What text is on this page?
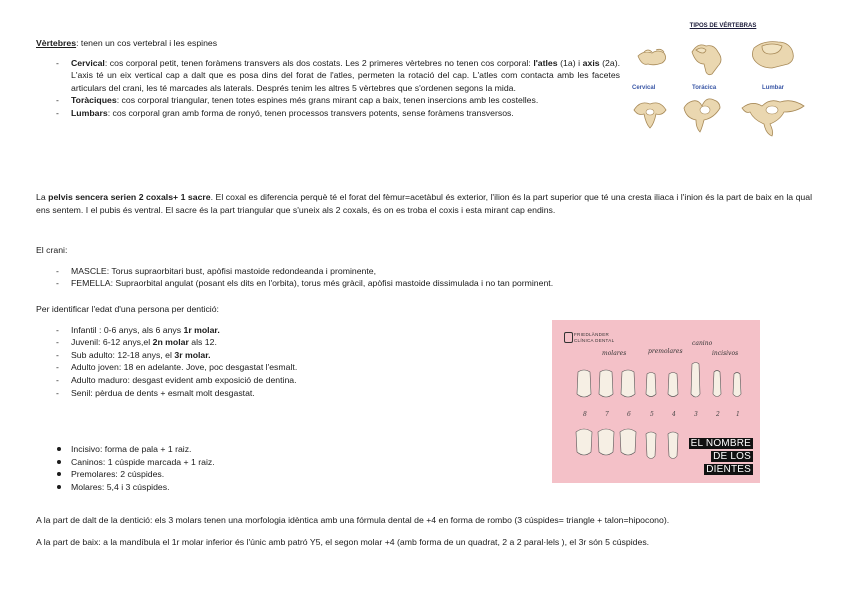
Vèrtebres: tenen un cos vertebral i les espines

- Cervical: cos corporal petit, tenen foràmens transvers als dos costats. Les 2 primeres vèrtebres no tenen cos corporal: l'atles (1a) i axis (2a). L'axis té un eix vertical cap a dalt que es posa dins del forat de l'atles, permeten la rotació del cap. L'atles com contacta amb les facetes articulars del crani, les té marcades als laterals. Després tenim les altres 5 vèrtebres que s'ordenen segons la mida.
- Toràciques: cos corporal triangular, tenen totes espines més grans mirant cap a baix, tenen insercions amb les costelles.
- Lumbars: cos corporal gran amb forma de ronyó, tenen processos transvers potents, sense foràmens transversos.
TIPOS DE VÉRTEBRAS
Cervical	Torácica	Lumbar

La pelvis sencera serien 2 coxals+ 1 sacre. El coxal es diferencia perquè té el forat del fèmur=acetàbul és exterior, l'ilion és la part superior que té una cresta iliaca i l'inion és la part de baix en la qual ens sentem. I el pubis és ventral. El sacre és la part triangular que s'uneix als 2 coxals, és on es troba el coxis i esta mirant cap endins.

El crani:

- MASCLE: Torus supraorbitari bust, apòfisi mastoide redondeanda i prominente,
- FEMELLA: Supraorbital angulat (posant els dits en l'orbita), torus més gràcil, apòfisi mastoide dissimulada i no tan porminent.

Per identificar l'edat d'una persona per dentició:

- Infantil : 0-6 anys, als 6 anys 1r molar.
- Juvenil: 6-12 anys,el 2n molar als 12.
- Sub adulto: 12-18 anys, el 3r molar.
- Adulto joven: 18 en adelante. Jove, poc desgastat l'esmalt.
- Adulto maduro: desgast evident amb exposició de dentina.
- Senil: pèrdua de dents + esmalt molt desgastat.
Incisivo: forma de pala + 1 raiz.
Caninos: 1 cúspide marcada + 1 raiz.
Premolares: 2 cúspides.
Molares: 5,4 i 3 cúspides.
FRIEDLÄNDER
CLÍNICA DENTAL
molares	premolares
canino
incisivos
8	7	6	5	4	3	2	1
EL NOMBRE
DE LOS
DIENTES

A la part de dalt de la dentició: els 3 molars tenen una morfologia idèntica amb una fórmula dental de +4 en forma de rombo (3 cúspides= triangle + talon=hipocono).

A la part de baix: a la mandíbula el 1r molar inferior és l'únic amb patró Y5, el segon molar +4 (amb forma de un quadrat, 2 a 2 paral·lels ), el 3r són 5 cúspides.
